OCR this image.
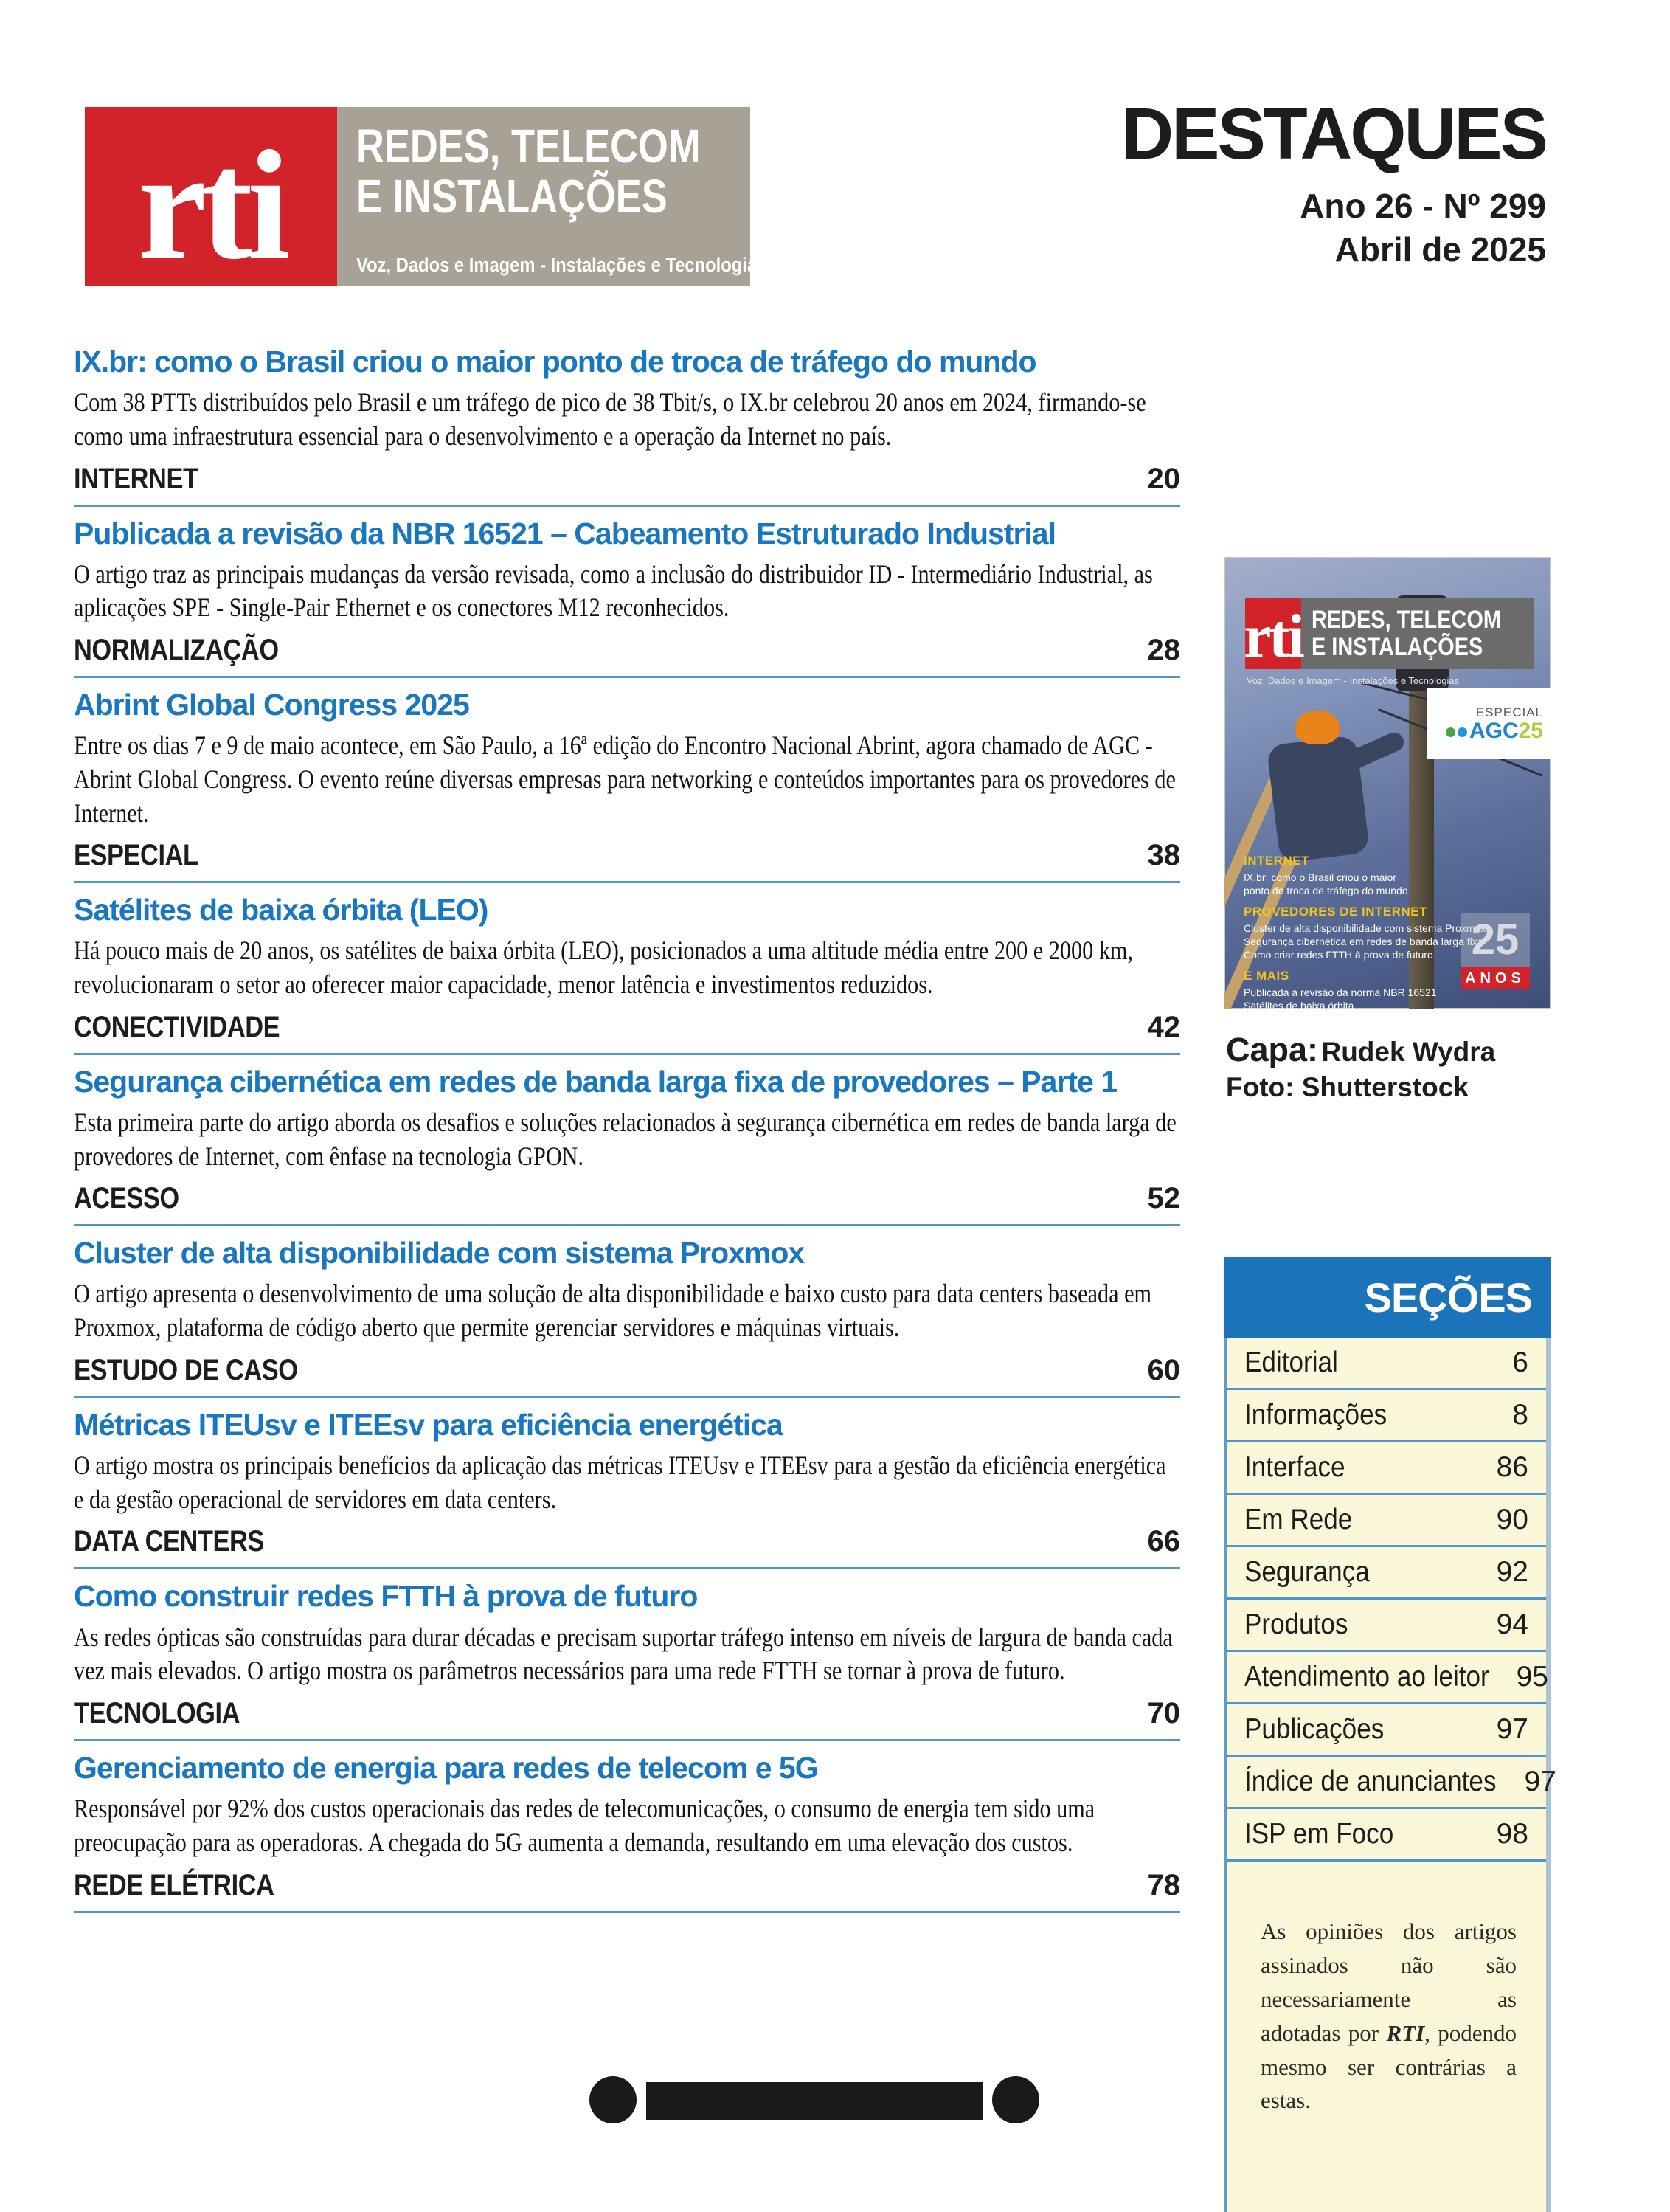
rti REDES, TELECOM
E INSTALAÇÕES
Voz, Dados e Imagem - Instalações e Tecnologias
DESTAQUES
Ano 26 - Nº 299
Abril de 2025
IX.br: como o Brasil criou o maior ponto de troca de tráfego do mundo

Com 38 PTTs distribuídos pelo Brasil e um tráfego de pico de 38 Tbit/s, o IX.br celebrou 20 anos em 2024, firmando-se como uma infraestrutura essencial para o desenvolvimento e a operação da Internet no país.

INTERNET	20
Publicada a revisão da NBR 16521 – Cabeamento Estruturado Industrial

O artigo traz as principais mudanças da versão revisada, como a inclusão do distribuidor ID - Intermediário Industrial, as aplicações SPE - Single-Pair Ethernet e os conectores M12 reconhecidos.

NORMALIZAÇÃO	28
Abrint Global Congress 2025

Entre os dias 7 e 9 de maio acontece, em São Paulo, a 16ª edição do Encontro Nacional Abrint, agora chamado de AGC - Abrint Global Congress. O evento reúne diversas empresas para networking e conteúdos importantes para os provedores de Internet.

ESPECIAL	38
Satélites de baixa órbita (LEO)

Há pouco mais de 20 anos, os satélites de baixa órbita (LEO), posicionados a uma altitude média entre 200 e 2000 km, revolucionaram o setor ao oferecer maior capacidade, menor latência e investimentos reduzidos.

CONECTIVIDADE	42
Segurança cibernética em redes de banda larga fixa de provedores – Parte 1

Esta primeira parte do artigo aborda os desafios e soluções relacionados à segurança cibernética em redes de banda larga de provedores de Internet, com ênfase na tecnologia GPON.

ACESSO	52
Cluster de alta disponibilidade com sistema Proxmox

O artigo apresenta o desenvolvimento de uma solução de alta disponibilidade e baixo custo para data centers baseada em Proxmox, plataforma de código aberto que permite gerenciar servidores e máquinas virtuais.

ESTUDO DE CASO	60
Métricas ITEUsv e ITEEsv para eficiência energética

O artigo mostra os principais benefícios da aplicação das métricas ITEUsv e ITEEsv para a gestão da eficiência energética e da gestão operacional de servidores em data centers.

DATA CENTERS	66
Como construir redes FTTH à prova de futuro

As redes ópticas são construídas para durar décadas e precisam suportar tráfego intenso em níveis de largura de banda cada vez mais elevados. O artigo mostra os parâmetros necessários para uma rede FTTH se tornar à prova de futuro.

TECNOLOGIA	70
Gerenciamento de energia para redes de telecom e 5G

Responsável por 92% dos custos operacionais das redes de telecomunicações, o consumo de energia tem sido uma preocupação para as operadoras. A chegada do 5G aumenta a demanda, resultando em uma elevação dos custos.

REDE ELÉTRICA	78
rti REDES, TELECOM
E INSTALAÇÕES
Voz, Dados e Imagem - Instalações e Tecnologias
ESPECIAL
AGC25
INTERNET
IX.br: como o Brasil criou o maior
ponto de troca de tráfego do mundo
PROVEDORES DE INTERNET
Cluster de alta disponibilidade com sistema Proxmox
Segurança cibernética em redes de banda larga fixa
Como criar redes FTTH à prova de futuro
E MAIS
Publicada a revisão da norma NBR 16521
Satélites de baixa órbita
25
ANOS
Capa: Rudek Wydra
Foto: Shutterstock
SEÇÕES
Editorial	6
Informações	8
Interface	86
Em Rede	90
Segurança	92
Produtos	94
Atendimento ao leitor 95
Publicações	97
Índice de anunciantes 97
ISP em Foco	98

As opiniões dos artigos assinados não são necessariamente as adotadas por RTI, podendo mesmo ser contrárias a estas.
